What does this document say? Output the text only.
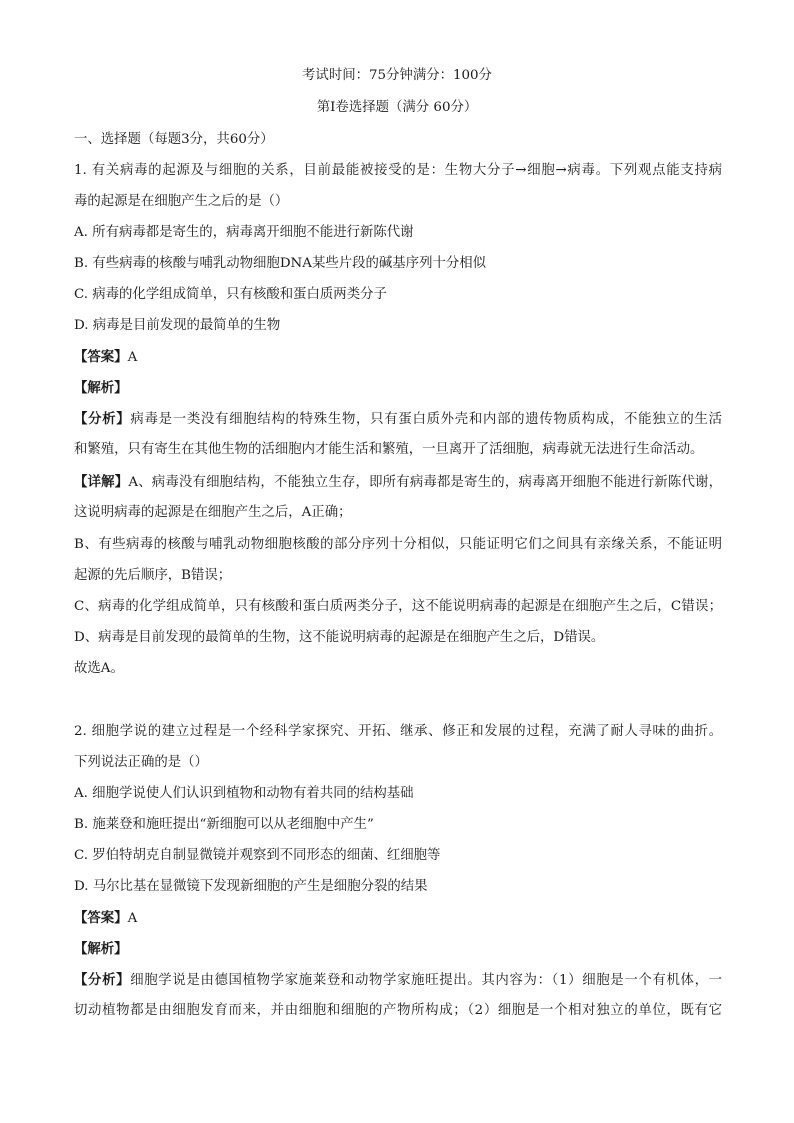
考试时间：75分钟满分：100分
第Ⅰ卷选择题（满分 60分）
一、选择题（每题3分，共60分）
1. 有关病毒的起源及与细胞的关系，目前最能被接受的是：生物大分子→细胞→病毒。下列观点能支持病
毒的起源是在细胞产生之后的是（）
A. 所有病毒都是寄生的，病毒离开细胞不能进行新陈代谢
B. 有些病毒的核酸与哺乳动物细胞DNA某些片段的碱基序列十分相似
C. 病毒的化学组成简单，只有核酸和蛋白质两类分子
D. 病毒是目前发现的最简单的生物
【答案】A
【解析】
【分析】病毒是一类没有细胞结构的特殊生物，只有蛋白质外壳和内部的遗传物质构成，不能独立的生活
和繁殖，只有寄生在其他生物的活细胞内才能生活和繁殖，一旦离开了活细胞，病毒就无法进行生命活动。
【详解】A、病毒没有细胞结构，不能独立生存，即所有病毒都是寄生的，病毒离开细胞不能进行新陈代谢，
这说明病毒的起源是在细胞产生之后，A正确；
B、有些病毒的核酸与哺乳动物细胞核酸的部分序列十分相似，只能证明它们之间具有亲缘关系，不能证明
起源的先后顺序，B错误；
C、病毒的化学组成简单，只有核酸和蛋白质两类分子，这不能说明病毒的起源是在细胞产生之后，C错误；
D、病毒是目前发现的最简单的生物，这不能说明病毒的起源是在细胞产生之后，D错误。
故选A。
2. 细胞学说的建立过程是一个经科学家探究、开拓、继承、修正和发展的过程，充满了耐人寻味的曲折。
下列说法正确的是（）
A. 细胞学说使人们认识到植物和动物有着共同的结构基础
B. 施莱登和施旺提出“新细胞可以从老细胞中产生”
C. 罗伯特胡克自制显微镜并观察到不同形态的细菌、红细胞等
D. 马尔比基在显微镜下发现新细胞的产生是细胞分裂的结果
【答案】A
【解析】
【分析】细胞学说是由德国植物学家施莱登和动物学家施旺提出。其内容为：（1）细胞是一个有机体，一
切动植物都是由细胞发育而来，并由细胞和细胞的产物所构成；（2）细胞是一个相对独立的单位，既有它
